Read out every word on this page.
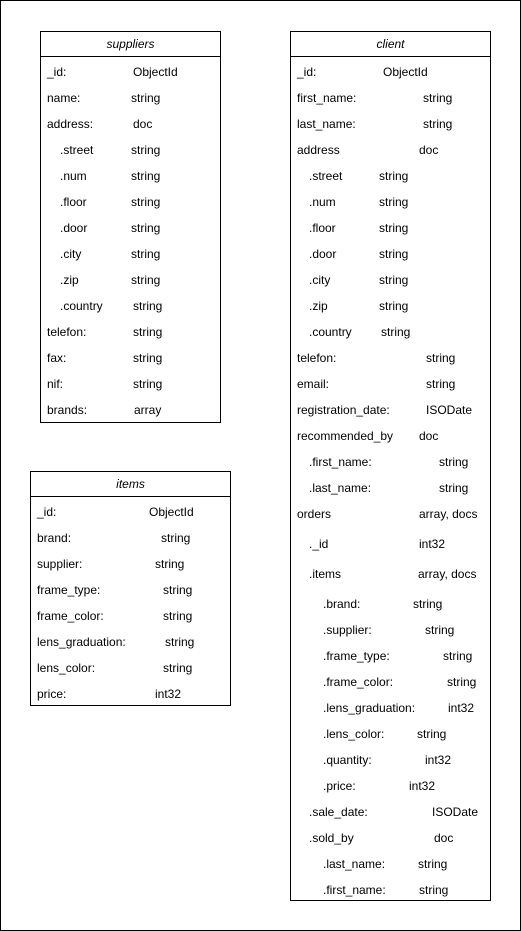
suppliers
_id:	ObjectId
name:	string
address:	doc
.street	string
.num	string
.floor	string
.door	string
.city	string
.zip	string
.country	string
telefon:	string
fax:	string
nif:	string
brands:	array
items
_id:	ObjectId
brand:	string
supplier:	string
frame_type:	string
frame_color:	string
lens_graduation:	string
lens_color:	string
price:	int32
client
_id:	ObjectId
first_name:	string
last_name:	string
address	doc
.street	string
.num	string
.floor	string
.door	string
.city	string
.zip	string
.country string
telefon:	string
email:	string
registration_date:	ISODate
recommended_by doc
.first_name:	string
.last_name:	string
orders	array, docs
._id	int32
.items	array, docs
.brand:	string
.supplier:	string
.frame_type:	string
.frame_color:	string
.lens_graduation:	int32
.lens_color:	string
.quantity:	int32
.price:	int32
.sale_date:	ISODate
.sold_by	doc
.last_name:	string
.first_name:	string
